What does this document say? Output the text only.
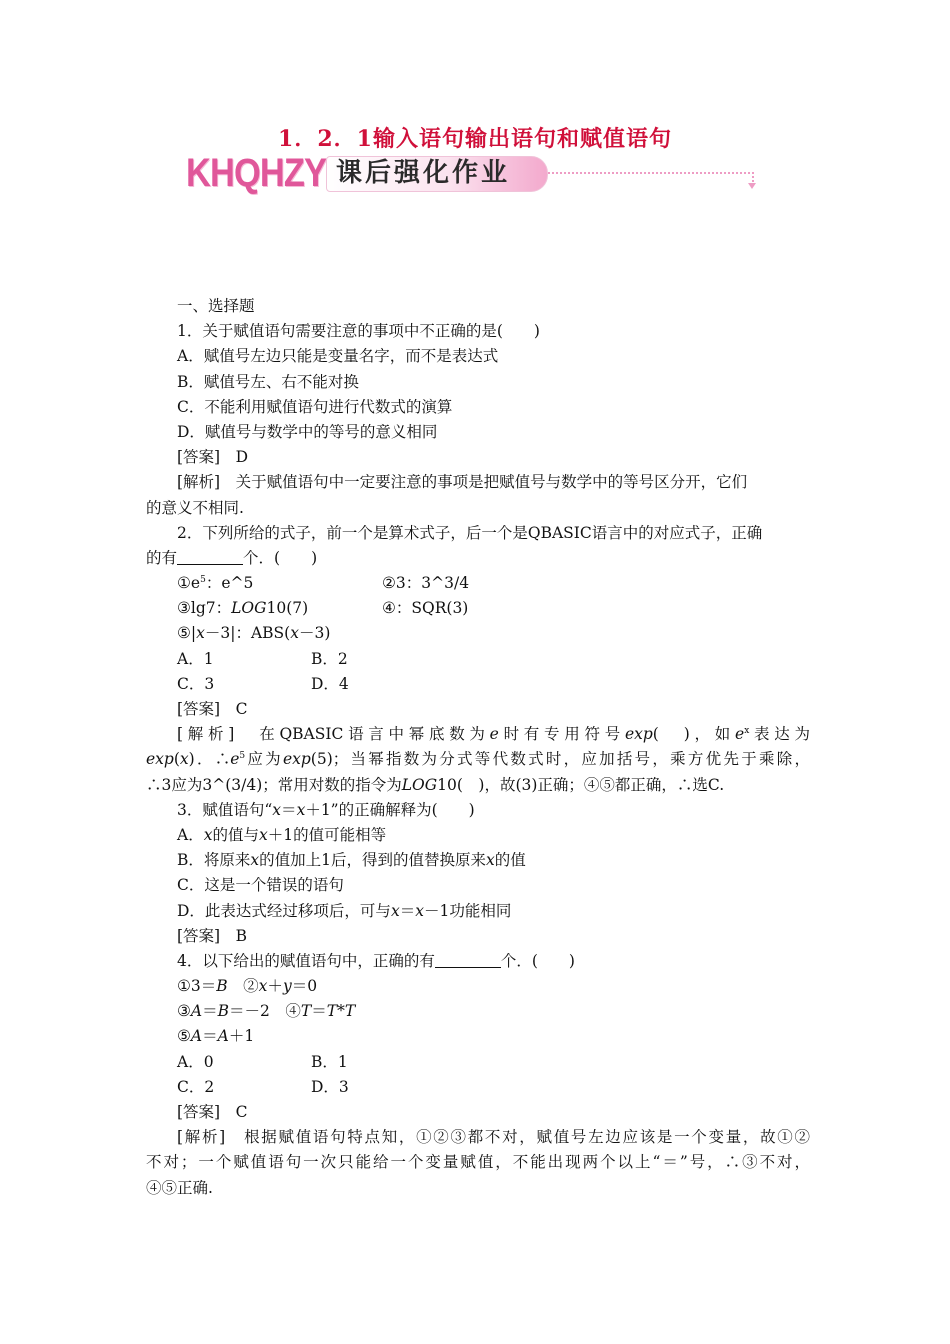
1．2．1输入语句输出语句和赋值语句
KHQHZY 课后强化作业
一、选择题
1．关于赋值语句需要注意的事项中不正确的是(　　)
A．赋值号左边只能是变量名字，而不是表达式
B．赋值号左、右不能对换
C．不能利用赋值语句进行代数式的演算
D．赋值号与数学中的等号的意义相同
[答案]　D
[解析]　关于赋值语句中一定要注意的事项是把赋值号与数学中的等号区分开，它们
的意义不相同.
2．下列所给的式子，前一个是算术式子，后一个是QBASIC语言中的对应式子，正确
的有	个．(　　)
$①e^5$：e^5	②3：3^3/4
③lg7：LOG10(7)	④：SQR(3)
⑤|x－3|：ABS(x－3)
A．1	B．2
C．3	D．4
[答案]　C
[解析]　在QBASIC语言中幂底数为e时有专用符号exp(　)，如$e^x$表达为
exp(x)．$\therefore e^5$应为exp(5)；当幂指数为分式等代数式时，应加括号，乘方优先于乘除，
∴3应为3^(3/4)；常用对数的指令为LOG10(　)，故(3)正确；④⑤都正确，∴选C.
3．赋值语句“x＝x＋1”的正确解释为(　　)
A．x的值与x＋1的值可能相等
B．将原来x的值加上1后，得到的值替换原来x的值
C．这是一个错误的语句
D．此表达式经过移项后，可与x＝x－1功能相同
[答案]　B
4．以下给出的赋值语句中，正确的有	个．(　　)
①3＝B　②x＋y＝0
③A＝B＝－2　④T＝T*T
⑤A＝A＋1
A．0	B．1
C．2	D．3
[答案]　C
[解析]　根据赋值语句特点知，①②③都不对，赋值号左边应该是一个变量，故①②
不对；一个赋值语句一次只能给一个变量赋值，不能出现两个以上“＝”号，∴③不对，
④⑤正确.
